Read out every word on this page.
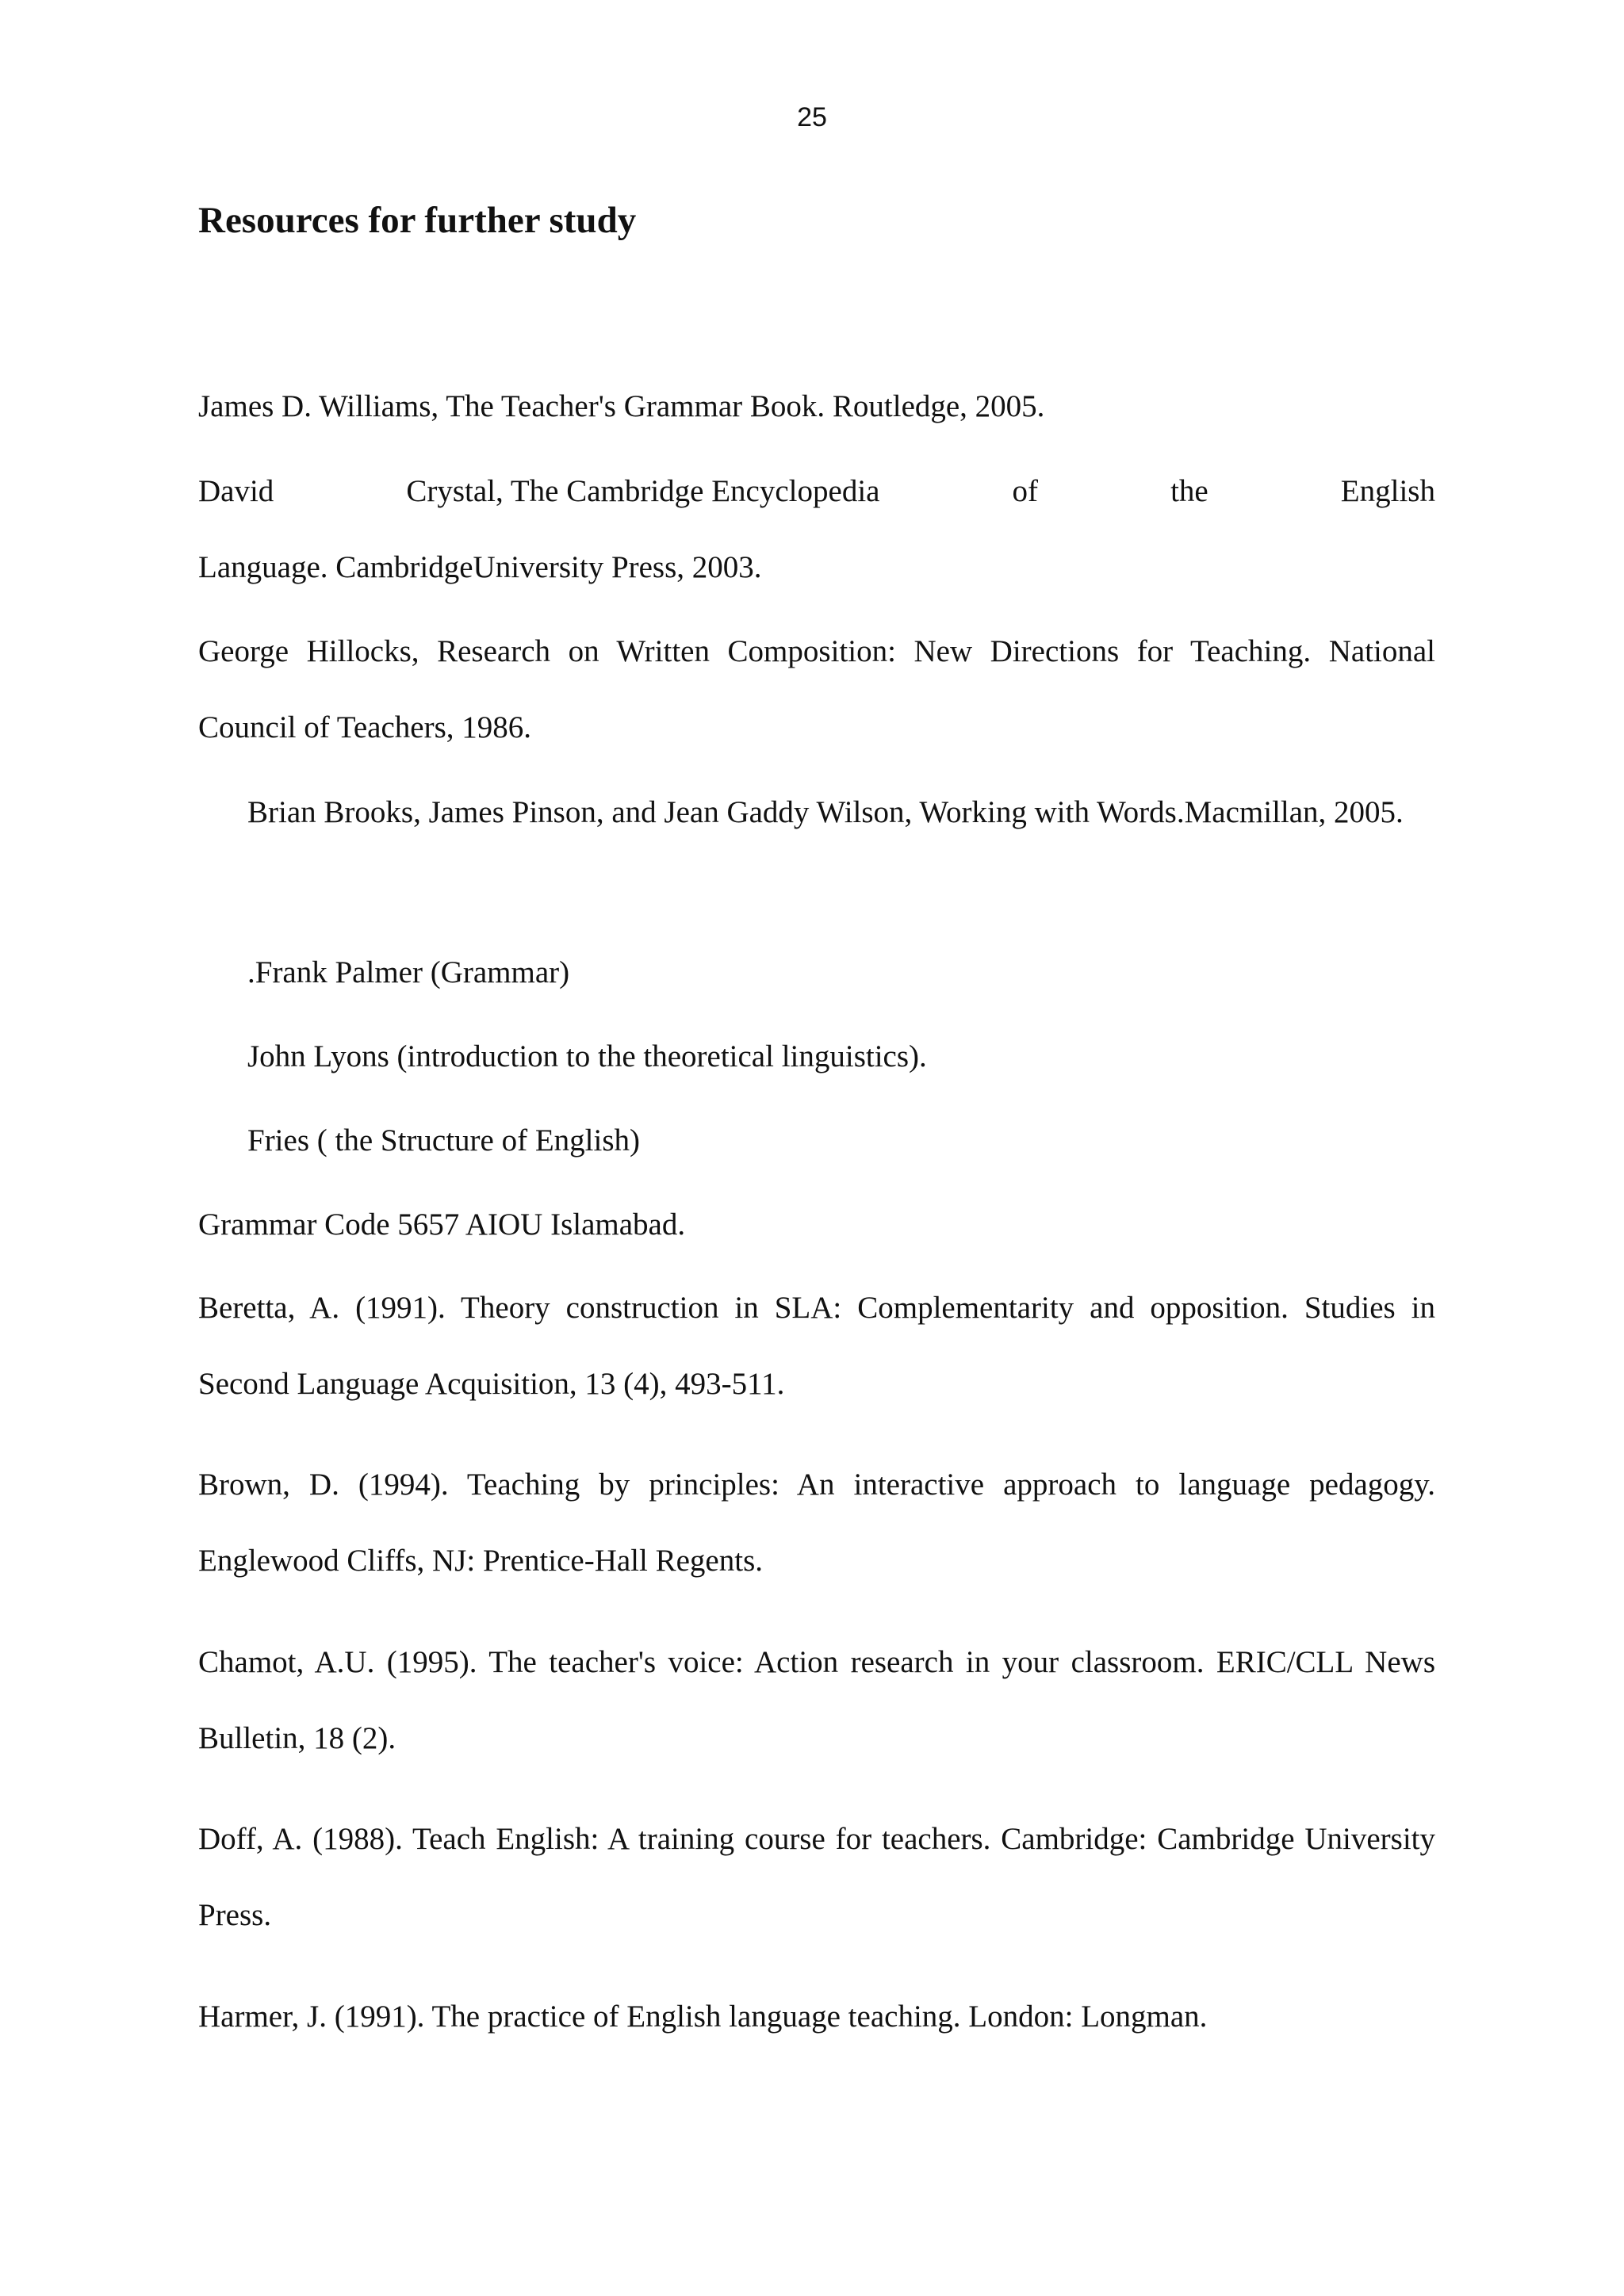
25
Resources for further study

James D. Williams, The Teacher's Grammar Book. Routledge, 2005.

David	Crystal, The Cambridge Encyclopedia	of	the	English
Language. CambridgeUniversity Press, 2003.

George Hillocks, Research on Written Composition: New Directions for Teaching. National Council of Teachers, 1986.

Brian Brooks, James Pinson, and Jean Gaddy Wilson, Working with Words.Macmillan, 2005.

.Frank Palmer (Grammar)

John Lyons (introduction to the theoretical linguistics).

Fries ( the Structure of English)

Grammar Code 5657 AIOU Islamabad.

Beretta, A. (1991). Theory construction in SLA: Complementarity and opposition. Studies in Second Language Acquisition, 13 (4), 493-511.

Brown, D. (1994). Teaching by principles: An interactive approach to language pedagogy. Englewood Cliffs, NJ: Prentice-Hall Regents.

Chamot, A.U. (1995). The teacher's voice: Action research in your classroom. ERIC/CLL News Bulletin, 18 (2).

Doff, A. (1988). Teach English: A training course for teachers. Cambridge: Cambridge University Press.

Harmer, J. (1991). The practice of English language teaching. London: Longman.
